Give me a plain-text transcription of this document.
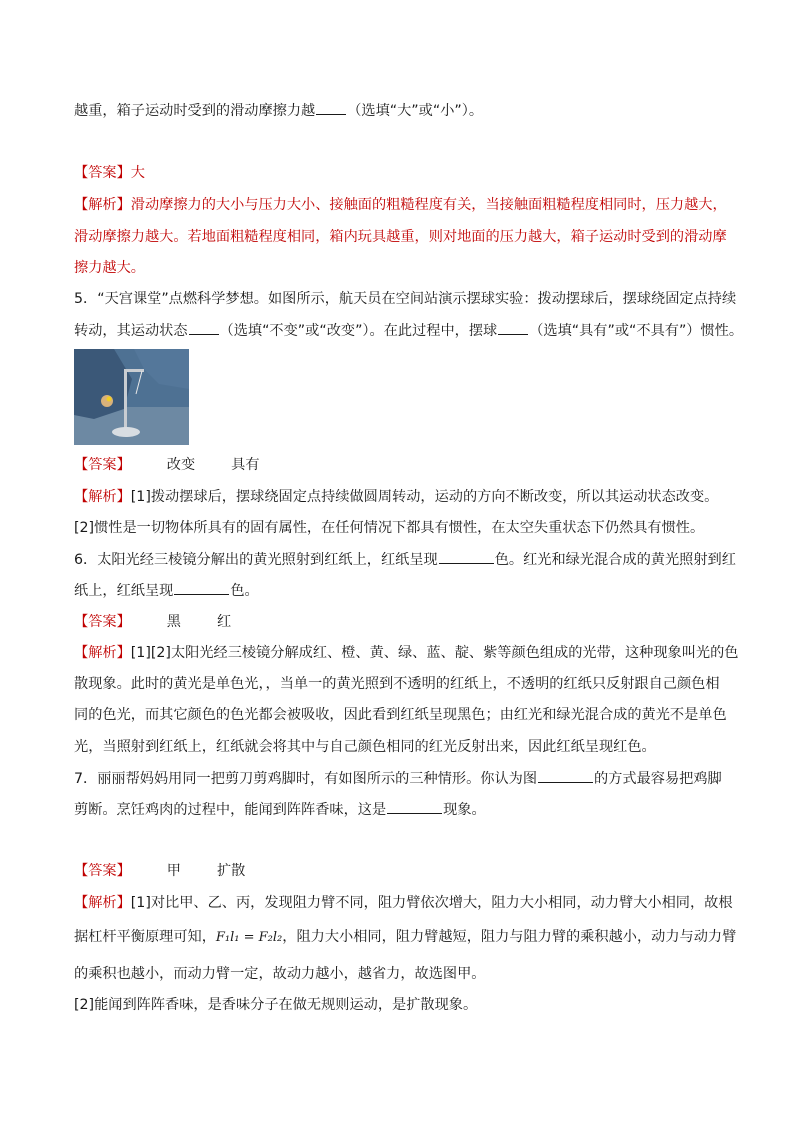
越重，箱子运动时受到的滑动摩擦力越 （选填“大”或“小”）。
【答案】大
【解析】滑动摩擦力的大小与压力大小、接触面的粗糙程度有关，当接触面粗糙程度相同时，压力越大，
滑动摩擦力越大。若地面粗糙程度相同，箱内玩具越重，则对地面的压力越大，箱子运动时受到的滑动摩
擦力越大。
5．“天宫课堂”点燃科学梦想。如图所示，航天员在空间站演示摆球实验：拨动摆球后，摆球绕固定点持续
转动，其运动状态 （选填“不变”或“改变”）。在此过程中，摆球 （选填“具有”或“不具有”）惯性。
【答案】	改变	具有
【解析】[1]拨动摆球后，摆球绕固定点持续做圆周转动，运动的方向不断改变，所以其运动状态改变。
[2]惯性是一切物体所具有的固有属性，在任何情况下都具有惯性，在太空失重状态下仍然具有惯性。
6．太阳光经三棱镜分解出的黄光照射到红纸上，红纸呈现	色。红光和绿光混合成的黄光照射到红
纸上，红纸呈现	色。
【答案】	黑	红
【解析】[1][2]太阳光经三棱镜分解成红、橙、黄、绿、蓝、靛、紫等颜色组成的光带，这种现象叫光的色
散现象。此时的黄光是单色光，，当单一的黄光照到不透明的红纸上，不透明的红纸只反射跟自己颜色相
同的色光，而其它颜色的色光都会被吸收，因此看到红纸呈现黑色；由红光和绿光混合成的黄光不是单色
光，当照射到红纸上，红纸就会将其中与自己颜色相同的红光反射出来，因此红纸呈现红色。
7．丽丽帮妈妈用同一把剪刀剪鸡脚时，有如图所示的三种情形。你认为图	的方式最容易把鸡脚
剪断。烹饪鸡肉的过程中，能闻到阵阵香味，这是	现象。
【答案】	甲	扩散
【解析】[1]对比甲、乙、丙，发现阻力臂不同，阻力臂依次增大，阻力大小相同，动力臂大小相同，故根
据杠杆平衡原理可知，F₁l₁ = F₂l₂，阻力大小相同，阻力臂越短，阻力与阻力臂的乘积越小，动力与动力臂
的乘积也越小，而动力臂一定，故动力越小，越省力，故选图甲。
[2]能闻到阵阵香味，是香味分子在做无规则运动，是扩散现象。
